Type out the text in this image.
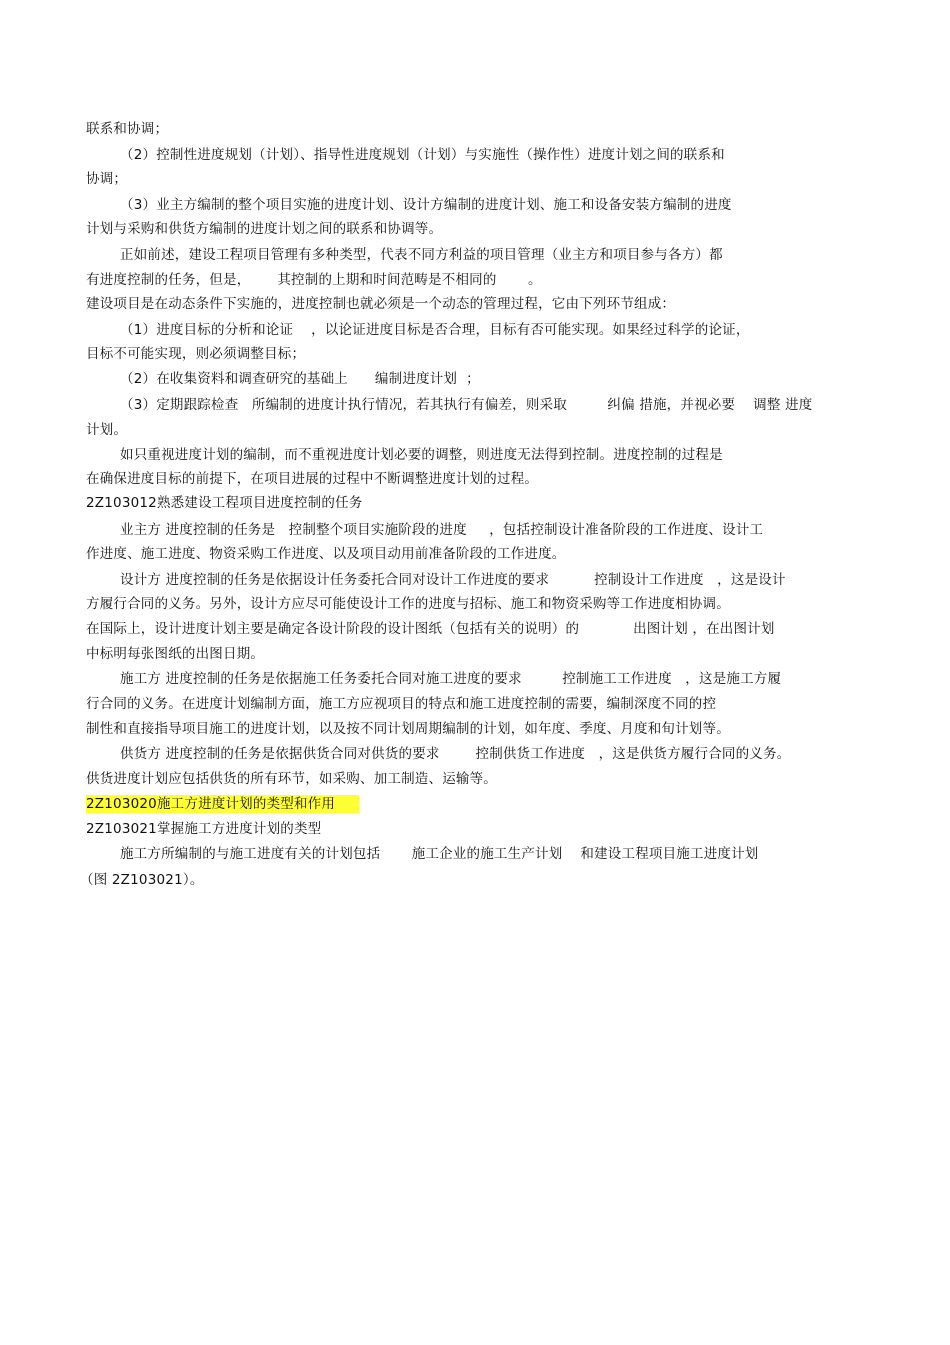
联系和协调；
（2）控制性进度规划（计划）、指导性进度规划（计划）与实施性（操作性）进度计划之间的联系和
协调；
（3）业主方编制的整个项目实施的进度计划、设计方编制的进度计划、施工和设备安装方编制的进度
计划与采购和供货方编制的进度计划之间的联系和协调等。
正如前述，建设工程项目管理有多种类型，代表不同方利益的项目管理（业主方和项目参与各方）都
有进度控制的任务，但是，      其控制的上期和时间范畴是不相同的       。
建设项目是在动态条件下实施的，进度控制也就必须是一个动态的管理过程，它由下列环节组成：
（1）进度目标的分析和论证    ，以论证进度目标是否合理，目标有否可能实现。如果经过科学的论证，
目标不可能实现，则必须调整目标；
（2）在收集资料和调查研究的基础上      编制进度计划  ；
（3）定期跟踪检查   所编制的进度计执行情况，若其执行有偏差，则采取         纠偏 措施，并视必要    调整 进度
计划。
如只重视进度计划的编制，而不重视进度计划必要的调整，则进度无法得到控制。进度控制的过程是
在确保进度目标的前提下，在项目进展的过程中不断调整进度计划的过程。
2Z103012熟悉建设工程项目进度控制的任务
业主方 进度控制的任务是   控制整个项目实施阶段的进度     ，包括控制设计准备阶段的工作进度、设计工
作进度、施工进度、物资采购工作进度、以及项目动用前准备阶段的工作进度。
设计方 进度控制的任务是依据设计任务委托合同对设计工作进度的要求          控制设计工作进度   ，这是设计
方履行合同的义务。另外，设计方应尽可能使设计工作的进度与招标、施工和物资采购等工作进度相协调。
在国际上，设计进度计划主要是确定各设计阶段的设计图纸（包括有关的说明）的            出图计划 ，在出图计划
中标明每张图纸的出图日期。
施工方 进度控制的任务是依据施工任务委托合同对施工进度的要求         控制施工工作进度   ，这是施工方履
行合同的义务。在进度计划编制方面，施工方应视项目的特点和施工进度控制的需要，编制深度不同的控
制性和直接指导项目施工的进度计划，以及按不同计划周期编制的计划，如年度、季度、月度和旬计划等。
供货方 进度控制的任务是依据供货合同对供货的要求        控制供货工作进度   ，这是供货方履行合同的义务。
供货进度计划应包括供货的所有环节，如采购、加工制造、运输等。
2Z103020施工方进度计划的类型和作用
2Z103021掌握施工方进度计划的类型
施工方所编制的与施工进度有关的计划包括       施工企业的施工生产计划    和建设工程项目施工进度计划
（图 2Z103021）。
